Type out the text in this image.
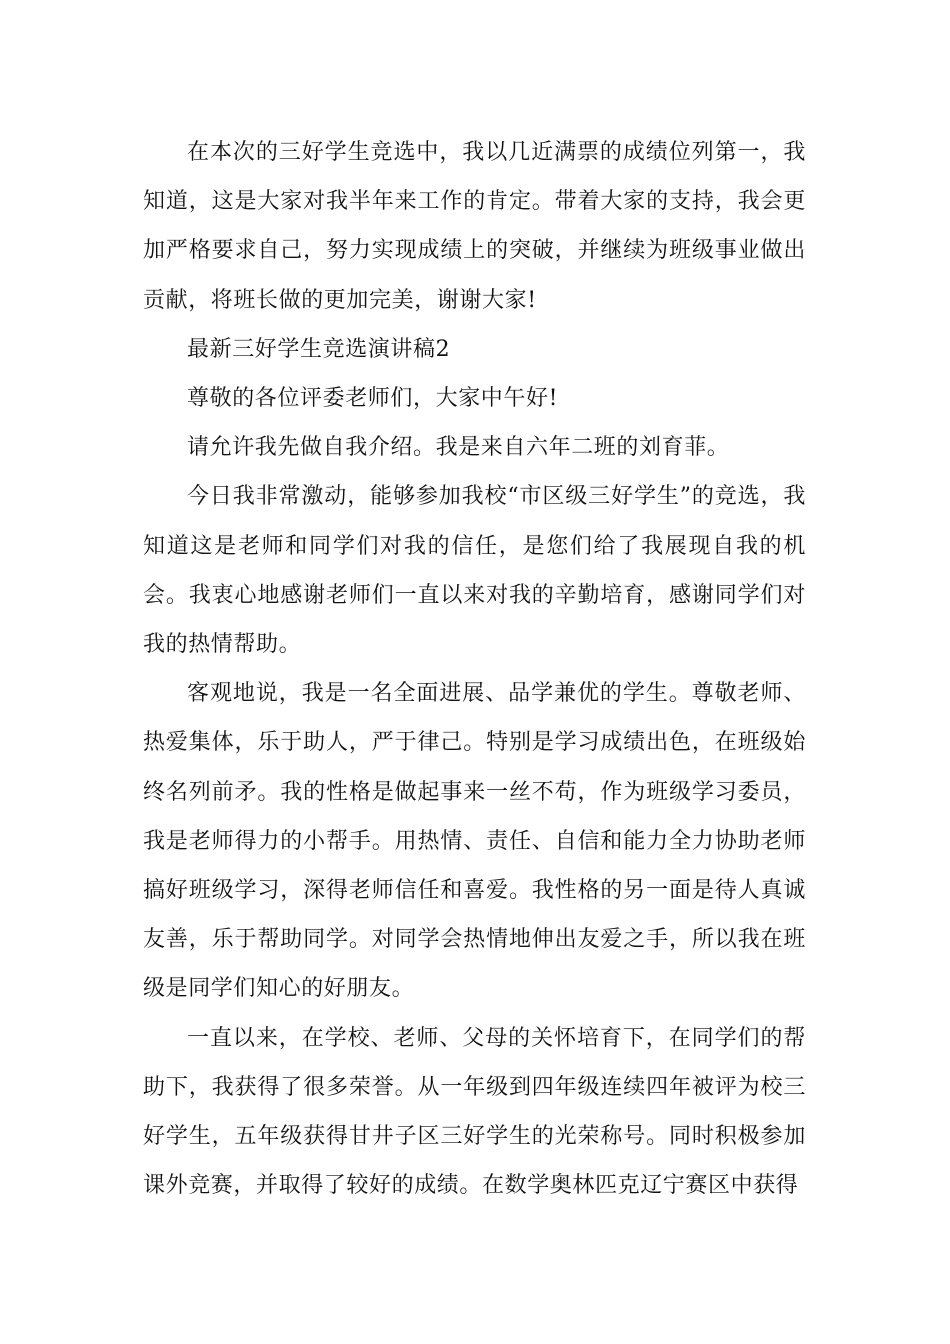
在本次的三好学生竞选中，我以几近满票的成绩位列第一，我知道，这是大家对我半年来工作的肯定。带着大家的支持，我会更加严格要求自己，努力实现成绩上的突破，并继续为班级事业做出贡献，将班长做的更加完美，谢谢大家!

最新三好学生竞选演讲稿2

尊敬的各位评委老师们，大家中午好!

请允许我先做自我介绍。我是来自六年二班的刘育菲。

今日我非常激动，能够参加我校“市区级三好学生”的竞选，我知道这是老师和同学们对我的信任，是您们给了我展现自我的机会。我衷心地感谢老师们一直以来对我的辛勤培育，感谢同学们对我的热情帮助。

客观地说，我是一名全面进展、品学兼优的学生。尊敬老师、热爱集体，乐于助人，严于律己。特别是学习成绩出色，在班级始终名列前矛。我的性格是做起事来一丝不苟，作为班级学习委员，我是老师得力的小帮手。用热情、责任、自信和能力全力协助老师搞好班级学习，深得老师信任和喜爱。我性格的另一面是待人真诚友善，乐于帮助同学。对同学会热情地伸出友爱之手，所以我在班级是同学们知心的好朋友。

一直以来，在学校、老师、父母的关怀培育下，在同学们的帮助下，我获得了很多荣誉。从一年级到四年级连续四年被评为校三好学生，五年级获得甘井子区三好学生的光荣称号。同时积极参加课外竞赛，并取得了较好的成绩。在数学奥林匹克辽宁赛区中获得
